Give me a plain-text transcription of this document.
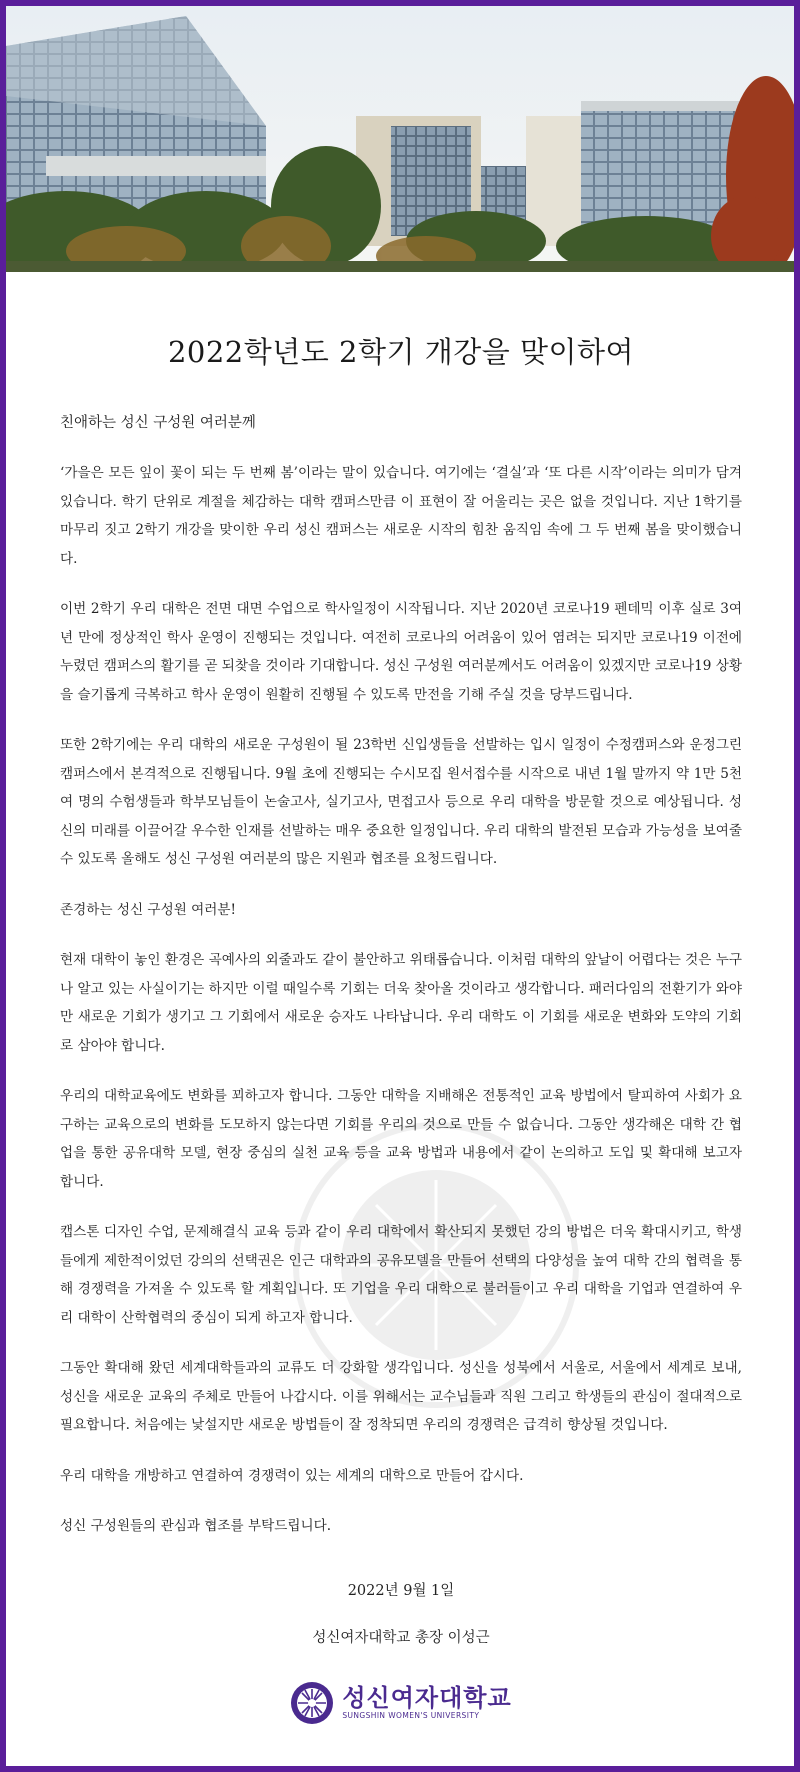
2022학년도 2학기 개강을 맞이하여

친애하는 성신 구성원 여러분께

‘가을은 모든 잎이 꽃이 되는 두 번째 봄’이라는 말이 있습니다. 여기에는 ‘결실’과 ‘또 다른 시작’이라는 의미가 담겨 있습니다. 학기 단위로 계절을 체감하는 대학 캠퍼스만큼 이 표현이 잘 어울리는 곳은 없을 것입니다. 지난 1학기를 마무리 짓고 2학기 개강을 맞이한 우리 성신 캠퍼스는 새로운 시작의 힘찬 움직임 속에 그 두 번째 봄을 맞이했습니다.

이번 2학기 우리 대학은 전면 대면 수업으로 학사일정이 시작됩니다. 지난 2020년 코로나19 펜데믹 이후 실로 3여 년 만에 정상적인 학사 운영이 진행되는 것입니다. 여전히 코로나의 어려움이 있어 염려는 되지만 코로나19 이전에 누렸던 캠퍼스의 활기를 곧 되찾을 것이라 기대합니다. 성신 구성원 여러분께서도 어려움이 있겠지만 코로나19 상황을 슬기롭게 극복하고 학사 운영이 원활히 진행될 수 있도록 만전을 기해 주실 것을 당부드립니다.

또한 2학기에는 우리 대학의 새로운 구성원이 될 23학번 신입생들을 선발하는 입시 일정이 수정캠퍼스와 운정그린캠퍼스에서 본격적으로 진행됩니다. 9월 초에 진행되는 수시모집 원서접수를 시작으로 내년 1월 말까지 약 1만 5천여 명의 수험생들과 학부모님들이 논술고사, 실기고사, 면접고사 등으로 우리 대학을 방문할 것으로 예상됩니다. 성신의 미래를 이끌어갈 우수한 인재를 선발하는 매우 중요한 일정입니다. 우리 대학의 발전된 모습과 가능성을 보여줄 수 있도록 올해도 성신 구성원 여러분의 많은 지원과 협조를 요청드립니다.

존경하는 성신 구성원 여러분!

현재 대학이 놓인 환경은 곡예사의 외줄과도 같이 불안하고 위태롭습니다. 이처럼 대학의 앞날이 어렵다는 것은 누구나 알고 있는 사실이기는 하지만 이럴 때일수록 기회는 더욱 찾아올 것이라고 생각합니다. 패러다임의 전환기가 와야만 새로운 기회가 생기고 그 기회에서 새로운 승자도 나타납니다. 우리 대학도 이 기회를 새로운 변화와 도약의 기회로 삼아야 합니다.

우리의 대학교육에도 변화를 꾀하고자 합니다. 그동안 대학을 지배해온 전통적인 교육 방법에서 탈피하여 사회가 요구하는 교육으로의 변화를 도모하지 않는다면 기회를 우리의 것으로 만들 수 없습니다. 그동안 생각해온 대학 간 협업을 통한 공유대학 모델, 현장 중심의 실천 교육 등을 교육 방법과 내용에서 같이 논의하고 도입 및 확대해 보고자 합니다.

캡스톤 디자인 수업, 문제해결식 교육 등과 같이 우리 대학에서 확산되지 못했던 강의 방법은 더욱 확대시키고, 학생들에게 제한적이었던 강의의 선택권은 인근 대학과의 공유모델을 만들어 선택의 다양성을 높여 대학 간의 협력을 통해 경쟁력을 가져올 수 있도록 할 계획입니다. 또 기업을 우리 대학으로 불러들이고 우리 대학을 기업과 연결하여 우리 대학이 산학협력의 중심이 되게 하고자 합니다.

그동안 확대해 왔던 세계대학들과의 교류도 더 강화할 생각입니다. 성신을 성북에서 서울로, 서울에서 세계로 보내, 성신을 새로운 교육의 주체로 만들어 나갑시다. 이를 위해서는 교수님들과 직원 그리고 학생들의 관심이 절대적으로 필요합니다. 처음에는 낯설지만 새로운 방법들이 잘 정착되면 우리의 경쟁력은 급격히 향상될 것입니다.

우리 대학을 개방하고 연결하여 경쟁력이 있는 세계의 대학으로 만들어 갑시다.

성신 구성원들의 관심과 협조를 부탁드립니다.

2022년 9월 1일

성신여자대학교 총장 이성근

성신여자대학교
SUNGSHIN WOMEN'S UNIVERSITY
